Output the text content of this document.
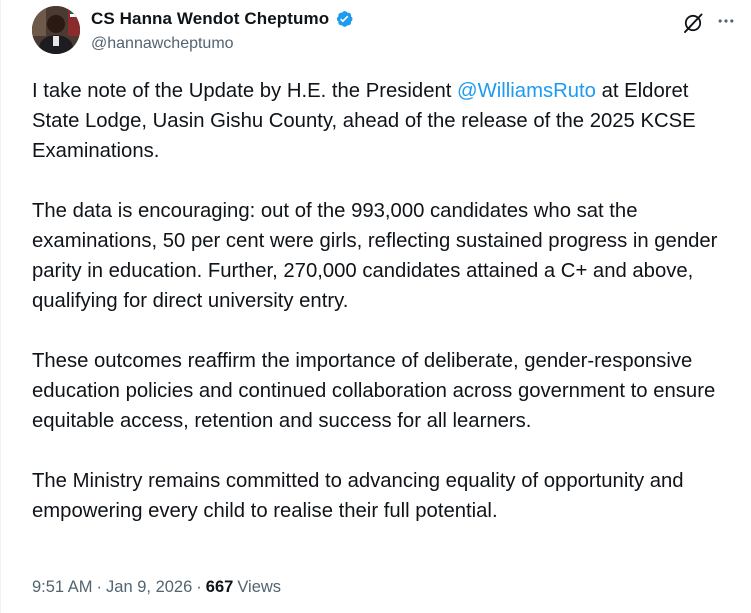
CS Hanna Wendot Cheptumo
@hannawcheptumo

I take note of the Update by H.E. the President @WilliamsRuto at Eldoret State Lodge, Uasin Gishu County, ahead of the release of the 2025 KCSE Examinations.

The data is encouraging: out of the 993,000 candidates who sat the examinations, 50 per cent were girls, reflecting sustained progress in gender parity in education. Further, 270,000 candidates attained a C+ and above, qualifying for direct university entry.

These outcomes reaffirm the importance of deliberate, gender-responsive education policies and continued collaboration across government to ensure equitable access, retention and success for all learners.

The Ministry remains committed to advancing equality of opportunity and empowering every child to realise their full potential.

9:51 AM · Jan 9, 2026 · 667 Views
